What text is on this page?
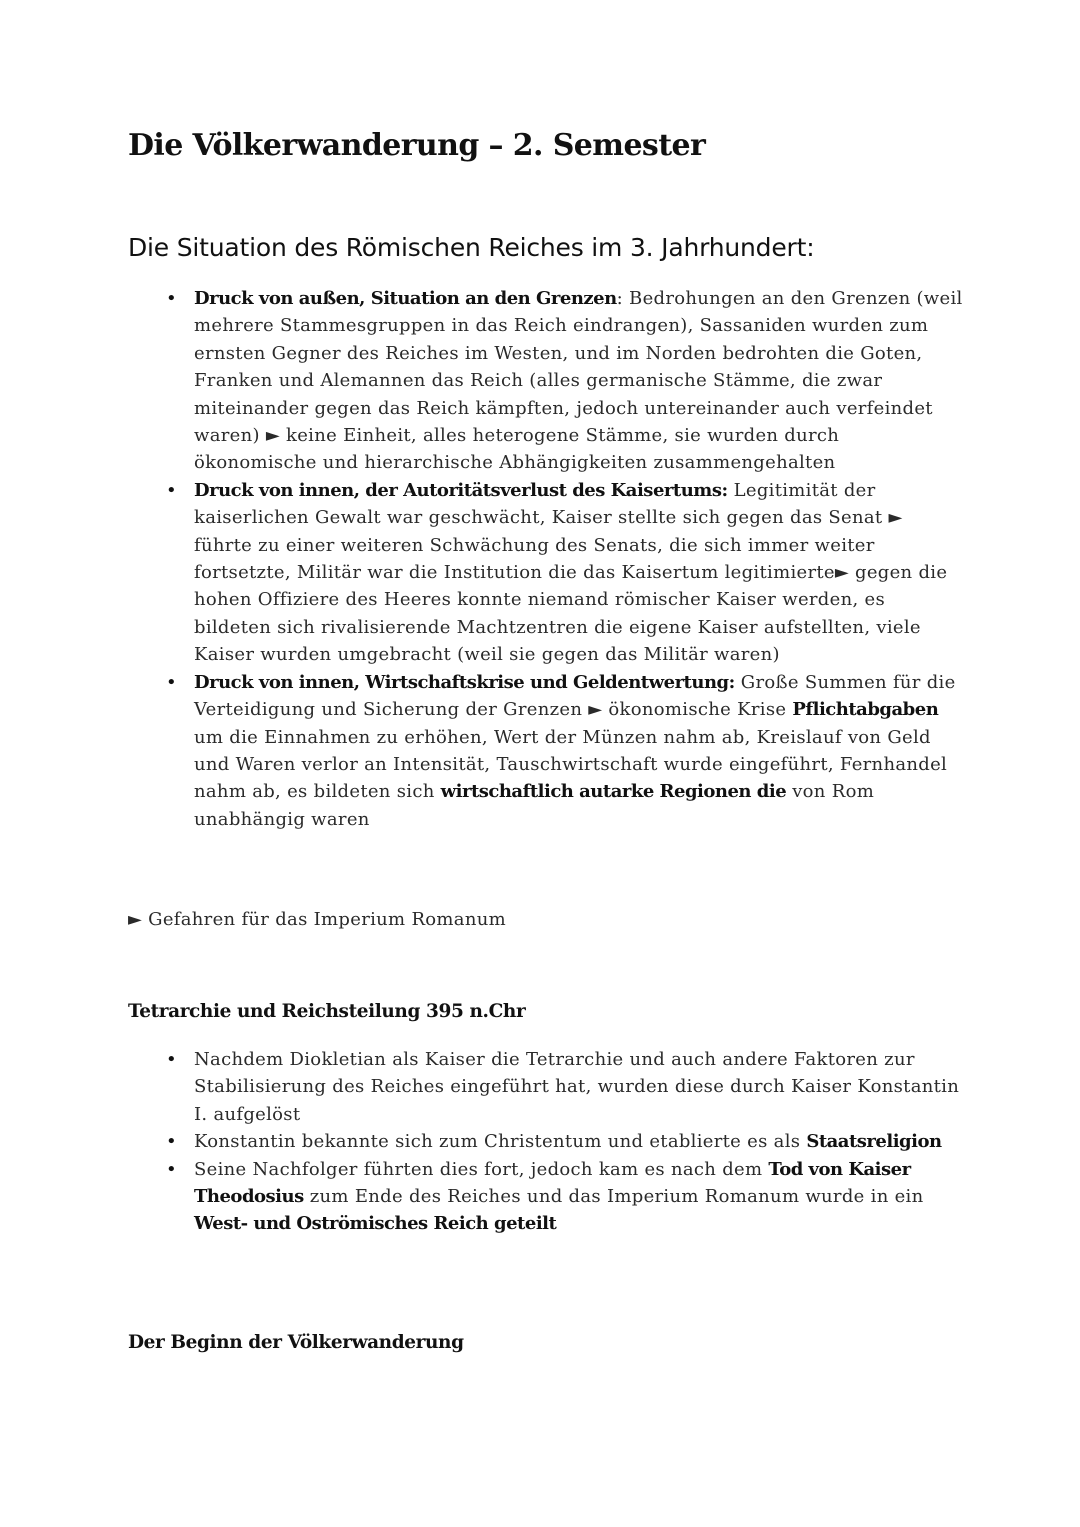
Die Völkerwanderung – 2. Semester
Die Situation des Römischen Reiches im 3. Jahrhundert:
• Druck von außen, Situation an den Grenzen: Bedrohungen an den Grenzen (weil mehrere Stammesgruppen in das Reich eindrangen), Sassaniden wurden zum ernsten Gegner des Reiches im Westen, und im Norden bedrohten die Goten, Franken und Alemannen das Reich (alles germanische Stämme, die zwar miteinander gegen das Reich kämpften, jedoch untereinander auch verfeindet waren) ► keine Einheit, alles heterogene Stämme, sie wurden durch ökonomische und hierarchische Abhängigkeiten zusammengehalten
• Druck von innen, der Autoritätsverlust des Kaisertums: Legitimität der kaiserlichen Gewalt war geschwächt, Kaiser stellte sich gegen das Senat ► führte zu einer weiteren Schwächung des Senats, die sich immer weiter fortsetzte, Militär war die Institution die das Kaisertum legitimierte► gegen die hohen Offiziere des Heeres konnte niemand römischer Kaiser werden, es bildeten sich rivalisierende Machtzentren die eigene Kaiser aufstellten, viele Kaiser wurden umgebracht (weil sie gegen das Militär waren)
• Druck von innen, Wirtschaftskrise und Geldentwertung: Große Summen für die Verteidigung und Sicherung der Grenzen ► ökonomische Krise Pflichtabgaben um die Einnahmen zu erhöhen, Wert der Münzen nahm ab, Kreislauf von Geld und Waren verlor an Intensität, Tauschwirtschaft wurde eingeführt, Fernhandel nahm ab, es bildeten sich wirtschaftlich autarke Regionen die von Rom unabhängig waren

► Gefahren für das Imperium Romanum

Tetrarchie und Reichsteilung 395 n.Chr
• Nachdem Diokletian als Kaiser die Tetrarchie und auch andere Faktoren zur Stabilisierung des Reiches eingeführt hat, wurden diese durch Kaiser Konstantin I. aufgelöst
• Konstantin bekannte sich zum Christentum und etablierte es als Staatsreligion
• Seine Nachfolger führten dies fort, jedoch kam es nach dem Tod von Kaiser Theodosius zum Ende des Reiches und das Imperium Romanum wurde in ein West- und Oströmisches Reich geteilt
Der Beginn der Völkerwanderung
